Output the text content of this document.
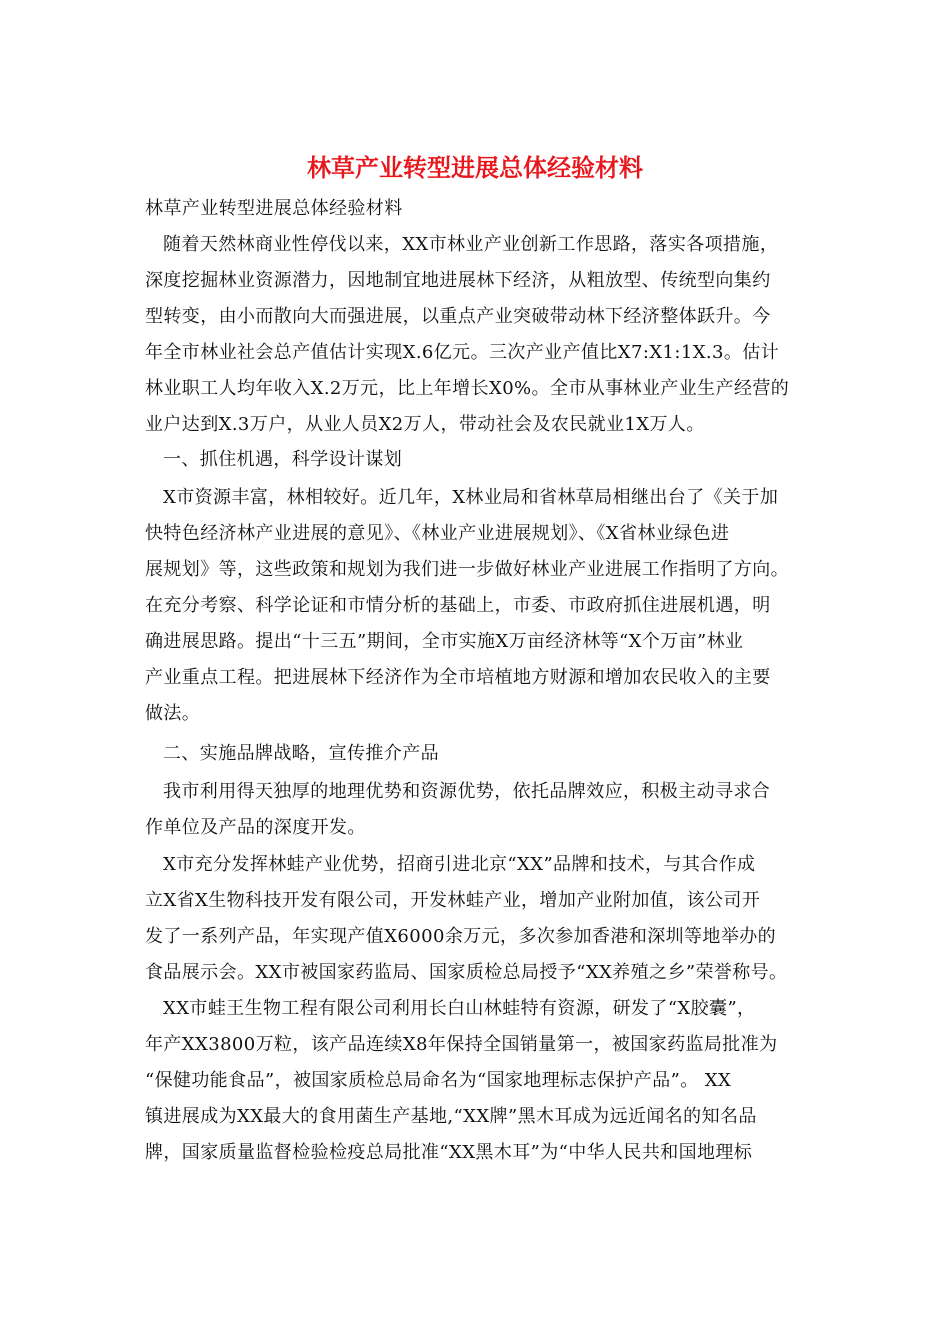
林草产业转型进展总体经验材料
林草产业转型进展总体经验材料
随着天然林商业性停伐以来，XX市林业产业创新工作思路，落实各项措施，
深度挖掘林业资源潜力，因地制宜地进展林下经济，从粗放型、传统型向集约
型转变，由小而散向大而强进展，以重点产业突破带动林下经济整体跃升。今
年全市林业社会总产值估计实现X.6亿元。三次产业产值比X7:X1:1X.3。估计
林业职工人均年收入X.2万元，比上年增长X0%。全市从事林业产业生产经营的
业户达到X.3万户，从业人员X2万人，带动社会及农民就业1X万人。
一、抓住机遇，科学设计谋划
X市资源丰富，林相较好。近几年，X林业局和省林草局相继出台了《关于加
快特色经济林产业进展的意见》、《林业产业进展规划》、《X省林业绿色进
展规划》等，这些政策和规划为我们进一步做好林业产业进展工作指明了方向。
在充分考察、科学论证和市情分析的基础上，市委、市政府抓住进展机遇，明
确进展思路。提出“十三五”期间，全市实施X万亩经济林等“X个万亩”林业
产业重点工程。把进展林下经济作为全市培植地方财源和增加农民收入的主要
做法。
二、实施品牌战略，宣传推介产品
我市利用得天独厚的地理优势和资源优势，依托品牌效应，积极主动寻求合
作单位及产品的深度开发。
X市充分发挥林蛙产业优势，招商引进北京“XX”品牌和技术，与其合作成
立X省X生物科技开发有限公司，开发林蛙产业，增加产业附加值，该公司开
发了一系列产品，年实现产值X6000余万元，多次参加香港和深圳等地举办的
食品展示会。XX市被国家药监局、国家质检总局授予“XX养殖之乡”荣誉称号。
XX市蛙王生物工程有限公司利用长白山林蛙特有资源，研发了“X胶囊”，
年产XX3800万粒，该产品连续X8年保持全国销量第一，被国家药监局批准为
“保健功能食品”，被国家质检总局命名为“国家地理标志保护产品”。 XX
镇进展成为XX最大的食用菌生产基地,“XX牌”黑木耳成为远近闻名的知名品
牌，国家质量监督检验检疫总局批准“XX黑木耳”为“中华人民共和国地理标
